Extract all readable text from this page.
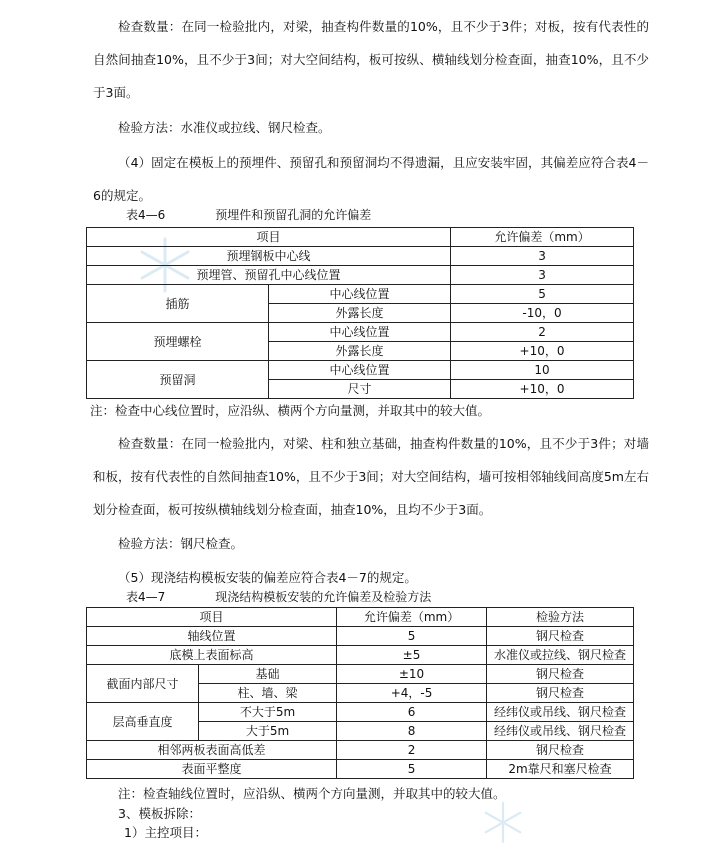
检查数量：在同一检验批内，对梁，抽查构件数量的10%，且不少于3件；对板，按有代表性的自然间抽查10%，且不少于3间；对大空间结构，板可按纵、横轴线划分检查面，抽查10%，且不少于3面。

检验方法：水准仪或拉线、钢尺检查。

（4）固定在模板上的预埋件、预留孔和预留洞均不得遗漏，且应安装牢固，其偏差应符合表4－6的规定。

表4—6	预埋件和预留孔洞的允许偏差
项目		允许偏差（mm）
预埋钢板中心线		3
预埋管、预留孔中心线位置		3
插筋	中心线位置	5
	外露长度	-10，0
预埋螺栓	中心线位置	2
	外露长度	+10，0
预留洞	中心线位置	10
	尺寸	+10，0
注：检查中心线位置时，应沿纵、横两个方向量测，并取其中的较大值。

检查数量：在同一检验批内，对梁、柱和独立基础，抽查构件数量的10%，且不少于3件；对墙和板，按有代表性的自然间抽查10%，且不少于3间；对大空间结构，墙可按相邻轴线间高度5m左右划分检查面，板可按纵横轴线划分检查面，抽查10%，且均不少于3面。

检验方法：钢尺检查。

（5）现浇结构模板安装的偏差应符合表4－7的规定。

表4—7	现浇结构模板安装的允许偏差及检验方法
项目		允许偏差（mm）	检验方法
轴线位置		5	钢尺检查
底模上表面标高		±5	水准仪或拉线、钢尺检查
截面内部尺寸	基础	±10	钢尺检查
	柱、墙、梁	+4，-5	钢尺检查
层高垂直度	不大于5m	6	经纬仪或吊线、钢尺检查
	大于5m	8	经纬仪或吊线、钢尺检查
相邻两板表面高低差		2	钢尺检查
表面平整度		5	2m靠尺和塞尺检查
注：检查轴线位置时，应沿纵、横两个方向量测，并取其中的较大值。
3、模板拆除：
1）主控项目：
